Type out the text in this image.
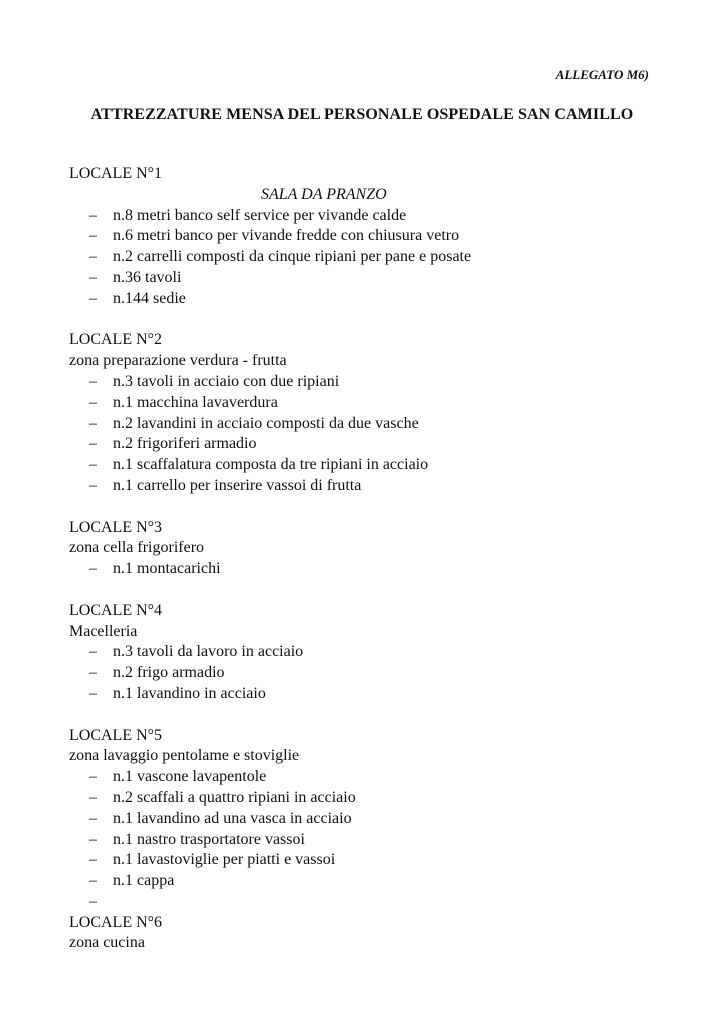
ALLEGATO M6)
ATTREZZATURE MENSA DEL PERSONALE OSPEDALE SAN CAMILLO
LOCALE N°1
SALA DA PRANZO
–	n.8 metri banco self service per vivande calde
–	n.6 metri banco per vivande fredde con chiusura vetro
–	n.2 carrelli composti da cinque ripiani per pane e posate
–	n.36 tavoli
–	n.144 sedie
LOCALE N°2
zona preparazione verdura - frutta
–	n.3 tavoli in acciaio con due ripiani
–	n.1 macchina lavaverdura
–	n.2 lavandini in acciaio composti da due vasche
–	n.2 frigoriferi armadio
–	n.1 scaffalatura composta da tre ripiani in acciaio
–	n.1 carrello per inserire vassoi di frutta
LOCALE N°3
zona cella frigorifero
–	n.1 montacarichi
LOCALE N°4
Macelleria
–	n.3 tavoli da lavoro in acciaio
–	n.2 frigo armadio
–	n.1 lavandino in acciaio
LOCALE N°5
zona lavaggio pentolame e stoviglie
–	n.1 vascone lavapentole
–	n.2 scaffali a quattro ripiani in acciaio
–	n.1 lavandino ad una vasca in acciaio
–	n.1 nastro trasportatore vassoi
–	n.1 lavastoviglie per piatti e vassoi
–	n.1 cappa
–
LOCALE N°6
zona cucina
